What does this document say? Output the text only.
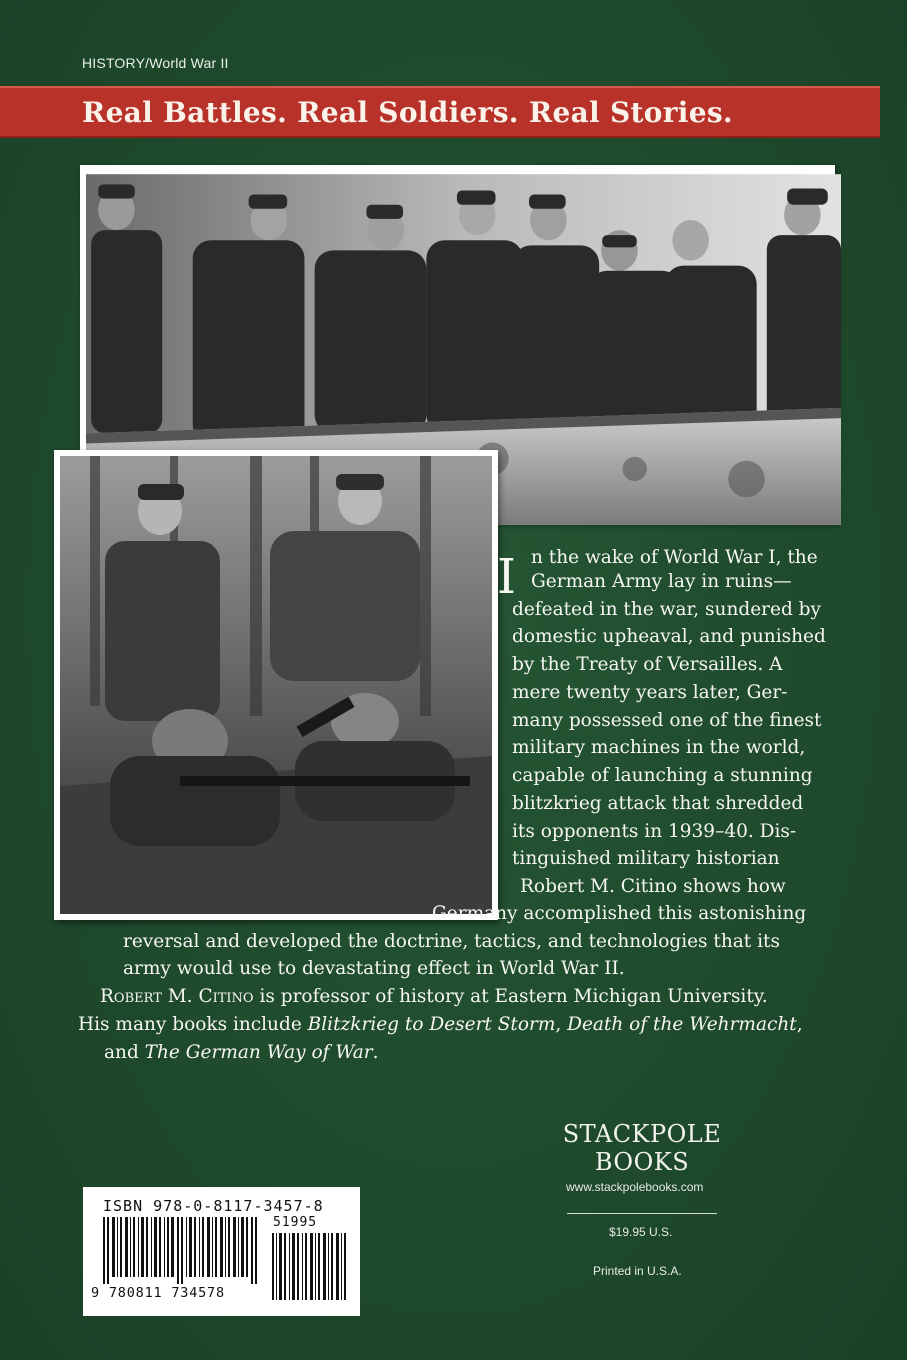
HISTORY/World War II
Real Battles. Real Soldiers. Real Stories.
I n the wake of World War I, the
German Army lay in ruins—
defeated in the war, sundered by
domestic upheaval, and punished
by the Treaty of Versailles. A
mere twenty years later, Ger-
many possessed one of the finest
military machines in the world,
capable of launching a stunning
blitzkrieg attack that shredded
its opponents in 1939–40. Dis-
tinguished military historian
Robert M. Citino shows how
Germany accomplished this astonishing
reversal and developed the doctrine, tactics, and technologies that its
army would use to devastating effect in World War II.
Robert M. Citino is professor of history at Eastern Michigan University.
His many books include Blitzkrieg to Desert Storm, Death of the Wehrmacht,
and The German Way of War.
STACKPOLE
BOOKS
www.stackpolebooks.com
$19.95 U.S.
Printed in U.S.A.
ISBN 978-0-8117-3457-8
51995
9 780811 734578
